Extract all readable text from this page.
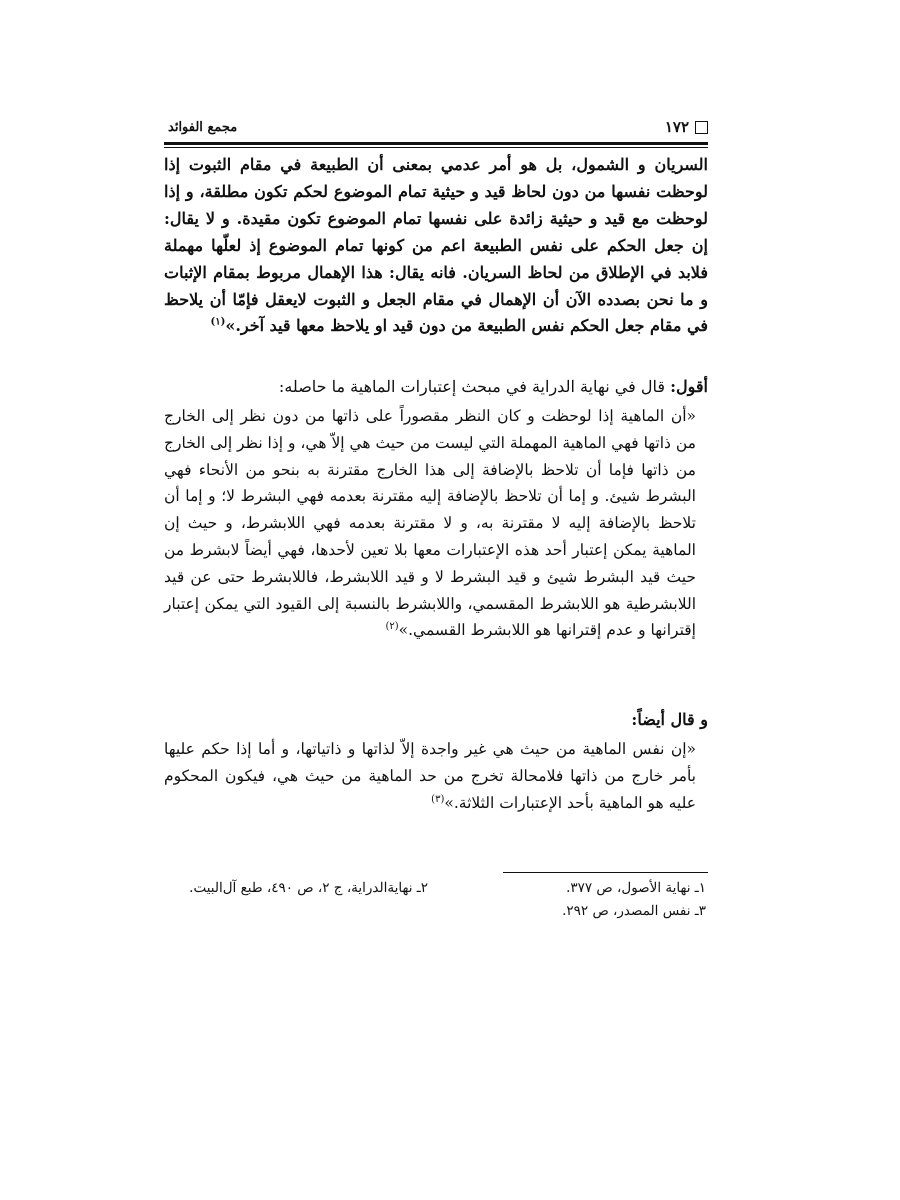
١٧٢
مجمع الفوائد
السريان و الشمول، بل هو أمر عدمي بمعنى أن الطبيعة في مقام الثبوت إذا لوحظت نفسها من دون لحاظ قيد و حيثية تمام الموضوع لحكم تكون مطلقة، و إذا لوحظت مع قيد و حيثية زائدة على نفسها تمام الموضوع تكون مقيدة. و لا يقال: إن جعل الحكم على نفس الطبيعة اعم من كونها تمام الموضوع إذ لعلّها مهملة فلابد في الإطلاق من لحاظ السريان. فانه يقال: هذا الإهمال مربوط بمقام الإثبات و ما نحن بصدده الآن أن الإهمال في مقام الجعل و الثبوت لايعقل فإمّا أن يلاحظ في مقام جعل الحكم نفس الطبيعة من دون قيد او يلاحظ معها قيد آخر.»$^{(١)}$
أقول: قال في نهاية الدراية في مبحث إعتبارات الماهية ما حاصله:
«أن الماهية إذا لوحظت و كان النظر مقصوراً على ذاتها من دون نظر إلى الخارج من ذاتها فهي الماهية المهملة التي ليست من حيث هي إلاّ هي، و إذا نظر إلى الخارج من ذاتها فإما أن تلاحظ بالإضافة إلى هذا الخارج مقترنة به بنحو من الأنحاء فهي البشرط شيئ. و إما أن تلاحظ بالإضافة إليه مقترنة بعدمه فهي البشرط لا؛ و إما أن تلاحظ بالإضافة إليه لا مقترنة به، و لا مقترنة بعدمه فهي اللابشرط، و حيث إن الماهية يمكن إعتبار أحد هذه الإعتبارات معها بلا تعين لأحدها، فهي أيضاً لابشرط من حيث قيد البشرط شيئ و قيد البشرط لا و قيد اللابشرط، فاللابشرط حتى عن قيد اللابشرطية هو اللابشرط المقسمي، واللابشرط بالنسبة إلى القيود التي يمكن إعتبار إقترانها و عدم إقترانها هو اللابشرط القسمي.»$^{(٢)}$
و قال أيضاً:
«إن نفس الماهية من حيث هي غير واجدة إلاّ لذاتها و ذاتياتها، و أما إذا حكم عليها بأمر خارج من ذاتها فلامحالة تخرج من حد الماهية من حيث هي، فيكون المحكوم عليه هو الماهية بأحد الإعتبارات الثلاثة.»$^{(٣)}$
١ـ نهاية الأصول، ص ٣٧٧.
٢ـ نهايةالدراية، ج ٢، ص ٤٩٠، طبع آل‌البيت.
٣ـ نفس المصدر، ص ٢٩٢.
